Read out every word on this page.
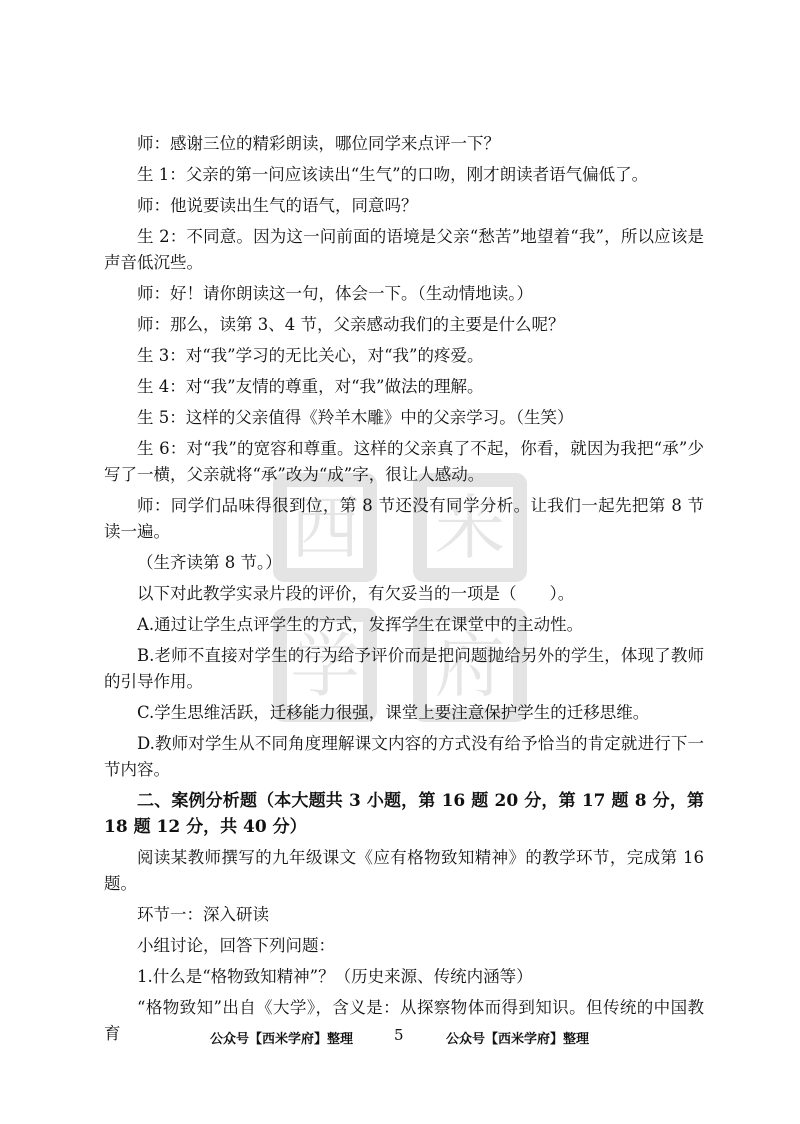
西 米
学 府

师：感谢三位的精彩朗读，哪位同学来点评一下？

生 1：父亲的第一问应该读出“生气”的口吻，刚才朗读者语气偏低了。

师：他说要读出生气的语气，同意吗？

生 2：不同意。因为这一问前面的语境是父亲“愁苦”地望着“我”，所以应该是声音低沉些。

师：好！请你朗读这一句，体会一下。（生动情地读。）

师：那么，读第 3、4 节，父亲感动我们的主要是什么呢？

生 3：对“我”学习的无比关心，对“我”的疼爱。

生 4：对“我”友情的尊重，对“我”做法的理解。

生 5：这样的父亲值得《羚羊木雕》中的父亲学习。（生笑）

生 6：对“我”的宽容和尊重。这样的父亲真了不起，你看，就因为我把“承”少写了一横，父亲就将“承”改为“成”字，很让人感动。

师：同学们品味得很到位，第 8 节还没有同学分析。让我们一起先把第 8 节读一遍。

（生齐读第 8 节。）

以下对此教学实录片段的评价，有欠妥当的一项是（　　）。

A.通过让学生点评学生的方式，发挥学生在课堂中的主动性。

B.老师不直接对学生的行为给予评价而是把问题抛给另外的学生，体现了教师的引导作用。

C.学生思维活跃，迁移能力很强，课堂上要注意保护学生的迁移思维。

D.教师对学生从不同角度理解课文内容的方式没有给予恰当的肯定就进行下一节内容。

二、案例分析题（本大题共 3 小题，第 16 题 20 分，第 17 题 8 分，第 18 题 12 分，共 40 分）

阅读某教师撰写的九年级课文《应有格物致知精神》的教学环节，完成第 16 题。

环节一：深入研读

小组讨论，回答下列问题：

1.什么是“格物致知精神”？（历史来源、传统内涵等）

“格物致知”出自《大学》，含义是：从探察物体而得到知识。但传统的中国教育	公众号【西米学府】整理	5	公众号【西米学府】整理
